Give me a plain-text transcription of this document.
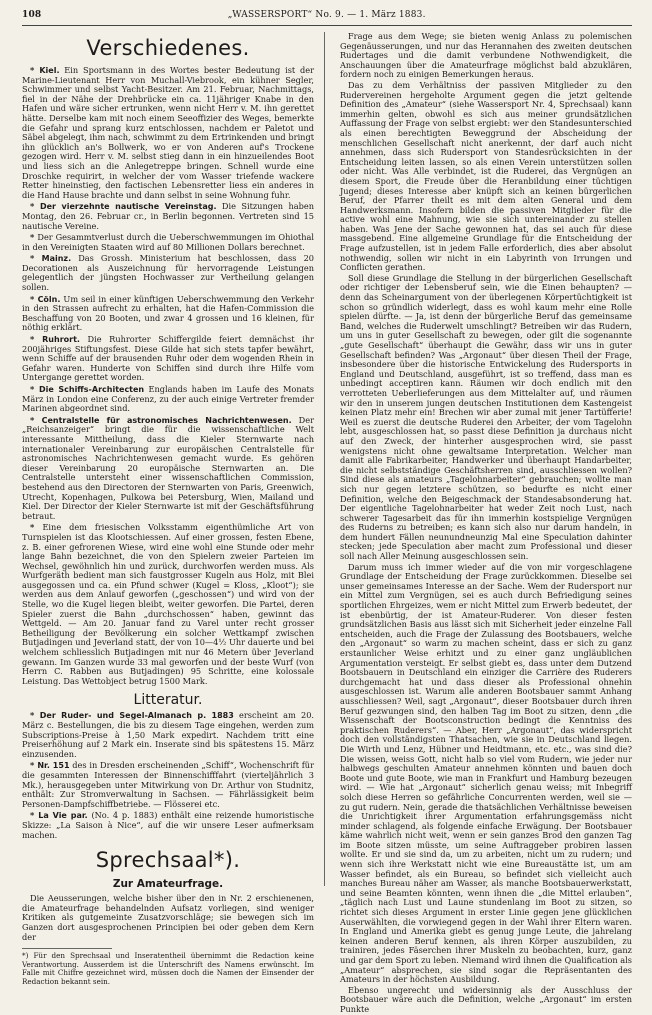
108	„WASSERSPORT“ No. 9. — 1. März 1883.
Verschiedenes.

* Kiel. Ein Sportsmann in des Wortes bester Bedeutung ist der Marine-Lieutenant Herr von Muchall-Viebrook, ein kühner Segler, Schwimmer und selbst Yacht-Besitzer. Am 21. Februar, Nachmittags, fiel in der Nähe der Drehbrücke ein ca. 11jähriger Knabe in den Hafen und wäre sicher ertrunken, wenn nicht Herr v. M. ihn gerettet hätte. Derselbe kam mit noch einem Seeoffizier des Weges, bemerkte die Gefahr und sprang kurz entschlossen, nachdem er Paletot und Säbel abgelegt, ihm nach, schwimmt zu dem Ertrinkenden und bringt ihn glücklich an's Bollwerk, wo er von Anderen auf's Trockene gezogen wird. Herr v. M. selbst stieg dann in ein hinzueilendes Boot und liess sich an die Anlegetreppe bringen. Schnell wurde eine Droschke requirirt, in welcher der vom Wasser triefende wackere Retter hineinstieg, den factischen Lebensretter liess ein anderes in die Hand Hause brachte und dann selbst in seine Wohnung fuhr.

* Der vierzehnte nautische Vereinstag. Die Sitzungen haben Montag, den 26. Februar cr., in Berlin begonnen. Vertreten sind 15 nautische Vereine.

* Der Gesammtverlust durch die Ueberschwemmungen im Ohiothal in den Vereinigten Staaten wird auf 80 Millionen Dollars berechnet.

* Mainz. Das Grossh. Ministerium hat beschlossen, dass 20 Decorationen als Auszeichnung für hervorragende Leistungen gelegentlich der jüngsten Hochwasser zur Vertheilung gelangen sollen.

* Cöln. Um seil in einer künftigen Ueberschwemmung den Verkehr in den Strassen aufrecht zu erhalten, hat die Hafen-Commission die Beschaffung von 20 Booten, und zwar 4 grossen und 16 kleinen, für nöthig erklärt.

* Ruhrort. Die Ruhrorter Schiffergilde feiert demnächst ihr 200jähriges Stiftungsfest. Diese Gilde hat sich stets tapfer bewährt, wenn Schiffe auf der brausenden Ruhr oder dem wogenden Rhein in Gefahr waren. Hunderte von Schiffen sind durch ihre Hilfe vom Untergange gerettet worden.

* Die Schiffs-Architecten Englands haben im Laufe des Monats März in London eine Conferenz, zu der auch einige Vertreter fremder Marinen abgeordnet sind.

* Centralstelle für astronomisches Nachrichtenwesen. Der „Reichsanzeiger“ bringt die für die wissenschaftliche Welt interessante Mittheilung, dass die Kieler Sternwarte nach internationaler Vereinbarung zur europäischen Centralstelle für astronomisches Nachrichtenwesen gemacht wurde. Es gehören dieser Vereinbarung 20 europäische Sternwarten an. Die Centralstelle untersteht einer wissenschaftlichen Commission, bestehend aus den Directoren der Sternwarten von Paris, Greenwich, Utrecht, Kopenhagen, Pulkowa bei Petersburg, Wien, Mailand und Kiel. Der Director der Kieler Sternwarte ist mit der Geschäftsführung betraut.

* Eine dem friesischen Volksstamm eigenthümliche Art von Turnspielen ist das Klootschiessen. Auf einer grossen, festen Ebene, z. B. einer gefrorenen Wiese, wird eine wohl eine Stunde oder mehr lange Bahn bezeichnet, die von den Spielern zweier Parteien im Wechsel, gewöhnlich hin und zurück, durchworfen werden muss. Als Wurfgeräth bedient man sich faustgrosser Kugeln aus Holz, mit Blei ausgegossen und ca. ein Pfund schwer (Kugel = Kloss, „Kloot“); sie werden aus dem Anlauf geworfen („geschossen“) und wird von der Stelle, wo die Kugel liegen bleibt, weiter geworfen. Die Partei, deren Spieler zuerst die Bahn „durchschossen“ haben, gewinnt das Wettgeld. — Am 20. Januar fand zu Varel unter recht grosser Betheiligung der Bevölkerung ein solcher Wettkampf zwischen Butjadingen und Jeverland statt, der von 10—4½ Uhr dauerte und bei welchem schliesslich Butjadingen mit nur 46 Metern über Jeverland gewann. Im Ganzen wurde 33 mal geworfen und der beste Wurf (von Herrn C. Rabben aus Butjadingen) 95 Schritte, eine kolossale Leistung. Das Wettobject betrug 1500 Mark.

Litteratur.

* Der Ruder- und Segel-Almanach p. 1883 erscheint am 20. März c. Bestellungen, die bis zu diesem Tage eingehen, werden zum Subscriptions-Preise à 1,50 Mark expedirt. Nachdem tritt eine Preiserhöhung auf 2 Mark ein. Inserate sind bis spätestens 15. März einzusenden.

* Nr. 151 des in Dresden erscheinenden „Schiff“, Wochenschrift für die gesammten Interessen der Binnenschifffahrt (vierteljährlich 3 Mk.), herausgegeben unter Mitwirkung von Dr. Arthur von Studnitz, enthält: Zur Stromverwaltung in Sachsen. — Fährlässigkeit beim Personen-Dampfschiffbetriebe. — Flösserei etc.

* La Vie par. (No. 4 p. 1883) enthält eine reizende humoristische Skizze: „La Saison à Nice“, auf die wir unsere Leser aufmerksam machen.

Sprechsaal*).
Zur Amateurfrage.

Die Aeusserungen, welche bisher über den in Nr. 2 erschienenen, die Amateurfrage behandelnden Aufsatz vorliegen, sind weniger Kritiken als gutgemeinte Zusatzvorschläge; sie bewegen sich im Ganzen dort ausgesprochenen Principien bei oder geben dem Kern der

*) Für den Sprechsaal und Inseratentheil übernimmt die Redaction keine Verantwortung. Ausserdem ist die Unterschrift des Namens erwünscht. Im Falle mit Chiffre gezeichnet wird, müssen doch die Namen der Einsender der Redaction bekannt sein.

Frage aus dem Wege; sie bieten wenig Anlass zu polemischen Gegenäusserungen, und nur das Herannahen des zweiten deutschen Rudertages und die damit verbundene Nothwendigkeit, die Anschauungen über die Amateurfrage möglichst bald abzuklären, fordern noch zu einigen Bemerkungen heraus.

Das zu dem Verhältniss der passiven Mitglieder zu den Rudervereinen hergeholte Argument gegen die jetzt geltende Definition des „Amateur“ (siehe Wassersport Nr. 4, Sprechsaal) kann immerhin gelten, obwohl es sich aus meiner grundsätzlichen Auffassung der Frage von selbst ergiebt: wer den Standesunterschied als einen berechtigten Beweggrund der Abscheidung der menschlichen Gesellschaft nicht anerkennt, der darf auch nicht annehmen, dass sich Rudersport von Standesrücksichten in der Entscheidung leiten lassen, so als einen Verein unterstützen sollen oder nicht. Was Alle verbindet, ist die Ruderei, das Vergnügen an diesem Sport, die Freude über die Heranbildung einer tüchtigen Jugend; dieses Interesse aber knüpft sich an keinen bürgerlichen Beruf, der Pfarrer theilt es mit dem alten General und dem Handwerksmann. Insofern bilden die passiven Mitglieder für die active wohl eine Mahnung, wie sie sich untereinander zu stellen haben. Was Jene der Sache gewonnen hat, das sei auch für diese massgebend. Eine allgemeine Grundlage für die Entscheidung der Frage aufzustellen, ist in jedem Falle erforderlich, dies aber absolut nothwendig, sollen wir nicht in ein Labyrinth von Irrungen und Conflicten gerathen.

Soll diese Grundlage die Stellung in der bürgerlichen Gesellschaft oder richtiger der Lebensberuf sein, wie die Einen behaupten? — denn das Scheinargument von der überlegenen Körpertüchtigkeit ist schon so gründlich widerlegt, dass es wohl kaum mehr eine Rolle spielen dürfte. — Ja, ist denn der bürgerliche Beruf das gemeinsame Band, welches die Ruderwelt umschlingt? Betreiben wir das Rudern, um uns in guter Gesellschaft zu bewegen, oder gilt die sogenannte „gute Gesellschaft“ überhaupt die Gewähr, dass wir uns in guter Gesellschaft befinden? Was „Argonaut“ über diesen Theil der Frage, insbesondere über die historische Entwickelung des Rudersports in England und Deutschland, ausgeführt, ist so treffend, dass man es unbedingt acceptiren kann. Räumen wir doch endlich mit den verrotteten Ueberlieferungen aus dem Mittelalter auf, und räumen wir den in unserem jungen deutschen Institutionen dem Kastengeist keinen Platz mehr ein! Brechen wir aber zumal mit jener Tartüfferie! Weil es zuerst die deutsche Ruderei den Arbeiter, der vom Tagelohn lebt, ausgeschlossen hat, so passt diese Definition ja durchaus nicht auf den Zweck, der hinterher ausgesprochen wird, sie passt wenigstens nicht ohne gewaltsame Interpretation. Welcher man damit alle Fabrikarbeiter, Handwerker und überhaupt Handarbeiter, die nicht selbstständige Geschäftsherren sind, ausschliessen wollen? Sind diese als amateurs „Tagelohnarbeiter“ gebrauchen; wollte man sich nur gegen letztere schützen, so bedurfte es nicht einer Definition, welche den Beigeschmack der Standesabsonderung hat. Der eigentliche Tagelohnarbeiter hat weder Zeit noch Lust, nach schwerer Tagesarbeit das für ihn immerhin kostspielige Vergnügen des Ruderns zu betreiben; es kann sich also nur darum handeln, in dem hundert Fällen neunundneunzig Mal eine Speculation dahinter stecken; jede Speculation aber macht zum Professional und dieser soll nach Aller Meinung ausgeschlossen sein.

Darum muss ich immer wieder auf die von mir vorgeschlagene Grundlage der Entscheidung der Frage zurückkommen. Dieselbe sei unser gemeinsames Interesse an der Sache. Wem der Rudersport nur ein Mittel zum Vergnügen, sei es auch durch Befriedigung seines sportlichen Ehrgeizes, wem er nicht Mittel zum Erwerb bedeutet, der ist ebenbürtig, der ist Amateur-Ruderer. Von dieser festen grundsätzlichen Basis aus lässt sich mit Sicherheit jeder einzelne Fall entscheiden, auch die Frage der Zulassung des Bootsbauers, welche den „Argonaut“ so warm zu machen scheint, dass er sich zu ganz erstaunlicher Weise erhitzt und zu einer ganz ungläublichen Argumentation versteigt. Er selbst giebt es, dass unter dem Dutzend Bootsbauern in Deutschland ein einziger die Carrière des Ruderers durchgemacht hat und dass dieser als Professional ohnehin ausgeschlossen ist. Warum alle anderen Bootsbauer sammt Anhang ausschliessen? Weil, sagt „Argonaut“, dieser Bootsbauer durch ihren Beruf gezwungen sind, den halben Tag im Boot zu sitzen, denn „die Wissenschaft der Bootsconstruction bedingt die Kenntniss des praktischen Ruderers“. — Aber, Herr „Argonaut“, das widerspricht doch den vollständigsten Thatsachen, wie sie in Deutschland liegen. Die Wirth und Lenz, Hübner und Heidtmann, etc. etc., was sind die? Die wissen, weiss Gott, nicht halb so viel vom Rudern, wie jeder nur halbwegs geschulten Amateur annehmen könnten und bauen doch Boote und gute Boote, wie man in Frankfurt und Hamburg bezeugen wird. — Wie hat „Argonaut“ sicherlich genau weiss; mit Inbegriff solch diese Herren so gefährliche Concurrenten werden, weil sie — zu gut rudern. Nein, gerade die thatsächlichen Verhältnisse beweisen die Unrichtigkeit ihrer Argumentation erfahrungsgemäss nicht minder schlagend, als folgende einfache Erwägung. Der Bootsbauer käme wahrlich nicht weit, wenn er sein ganzes Brod den ganzen Tag im Boote sitzen müsste, um seine Auftraggeber probiren lassen wollte. Er und sie sind da, um zu arbeiten, nicht um zu rudern; und wenn sich ihre Werkstatt nicht wie eine Bureaustätte ist, um am Wasser befindet, als ein Bureau, so befindet sich vielleicht auch manches Bureau näher am Wasser, als manche Bootsbauerwerkstatt, und seine Beamten könnten, wenn ihnen die „die Mittel erlauben“, „täglich nach Lust und Laune stundenlang im Boot zu sitzen, so richtet sich dieses Argument in erster Linie gegen jene glücklichen Auserwählten, die vorwiegend gegen in der Wahl ihrer Eltern waren. In England und Amerika giebt es genug junge Leute, die jahrelang keinen anderen Beruf kennen, als ihren Körper auszubilden, zu trainiren, jedes Fäserchen ihrer Muskeln zu beobachten, kurz, ganz und gar dem Sport zu leben. Niemand wird ihnen die Qualification als „Amateur“ absprechen, sie sind sogar die Repräsentanten des Amateurs in der höchsten Ausbildung.

Ebenso ungerecht und widersinnig als der Ausschluss der Bootsbauer wäre auch die Definition, welche „Argonaut“ im ersten Punkte
